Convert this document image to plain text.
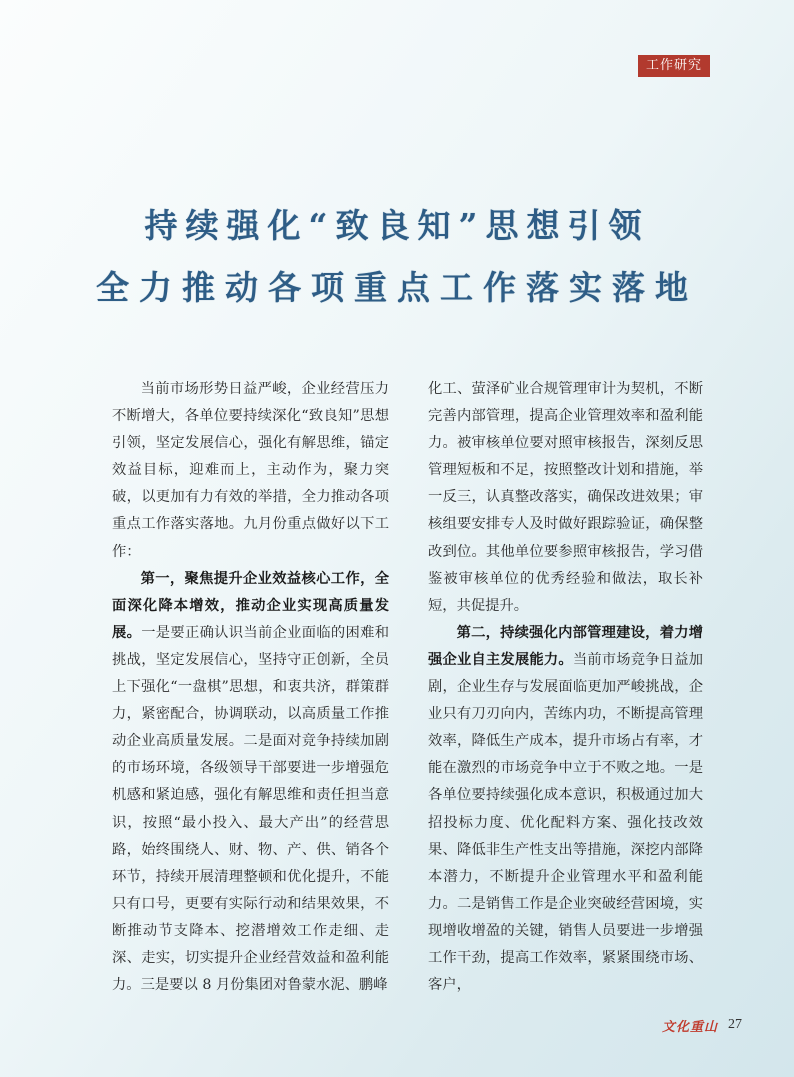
工作研究
持续强化“致良知”思想引领
全力推动各项重点工作落实落地

当前市场形势日益严峻，企业经营压力不断增大，各单位要持续深化“致良知”思想引领，坚定发展信心，强化有解思维，锚定效益目标，迎难而上，主动作为，聚力突破，以更加有力有效的举措，全力推动各项重点工作落实落地。九月份重点做好以下工作：

第一，聚焦提升企业效益核心工作，全面深化降本增效，推动企业实现高质量发展。一是要正确认识当前企业面临的困难和挑战，坚定发展信心，坚持守正创新，全员上下强化“一盘棋”思想，和衷共济，群策群力，紧密配合，协调联动，以高质量工作推动企业高质量发展。二是面对竞争持续加剧的市场环境，各级领导干部要进一步增强危机感和紧迫感，强化有解思维和责任担当意识，按照“最小投入、最大产出”的经营思路，始终围绕人、财、物、产、供、销各个环节，持续开展清理整顿和优化提升，不能只有口号，更要有实际行动和结果效果，不断推动节支降本、挖潜增效工作走细、走深、走实，切实提升企业经营效益和盈利能力。三是要以 8 月份集团对鲁蒙水泥、鹏峰

化工、萤泽矿业合规管理审计为契机，不断完善内部管理，提高企业管理效率和盈利能力。被审核单位要对照审核报告，深刻反思管理短板和不足，按照整改计划和措施，举一反三，认真整改落实，确保改进效果；审核组要安排专人及时做好跟踪验证，确保整改到位。其他单位要参照审核报告，学习借鉴被审核单位的优秀经验和做法，取长补短，共促提升。

第二，持续强化内部管理建设，着力增强企业自主发展能力。当前市场竞争日益加剧，企业生存与发展面临更加严峻挑战，企业只有刀刃向内，苦练内功，不断提高管理效率，降低生产成本，提升市场占有率，才能在激烈的市场竞争中立于不败之地。一是各单位要持续强化成本意识，积极通过加大招投标力度、优化配料方案、强化技改效果、降低非生产性支出等措施，深挖内部降本潜力，不断提升企业管理水平和盈利能力。二是销售工作是企业突破经营困境，实现增收增盈的关键，销售人员要进一步增强工作干劲，提高工作效率，紧紧围绕市场、客户，

文化重山 27
